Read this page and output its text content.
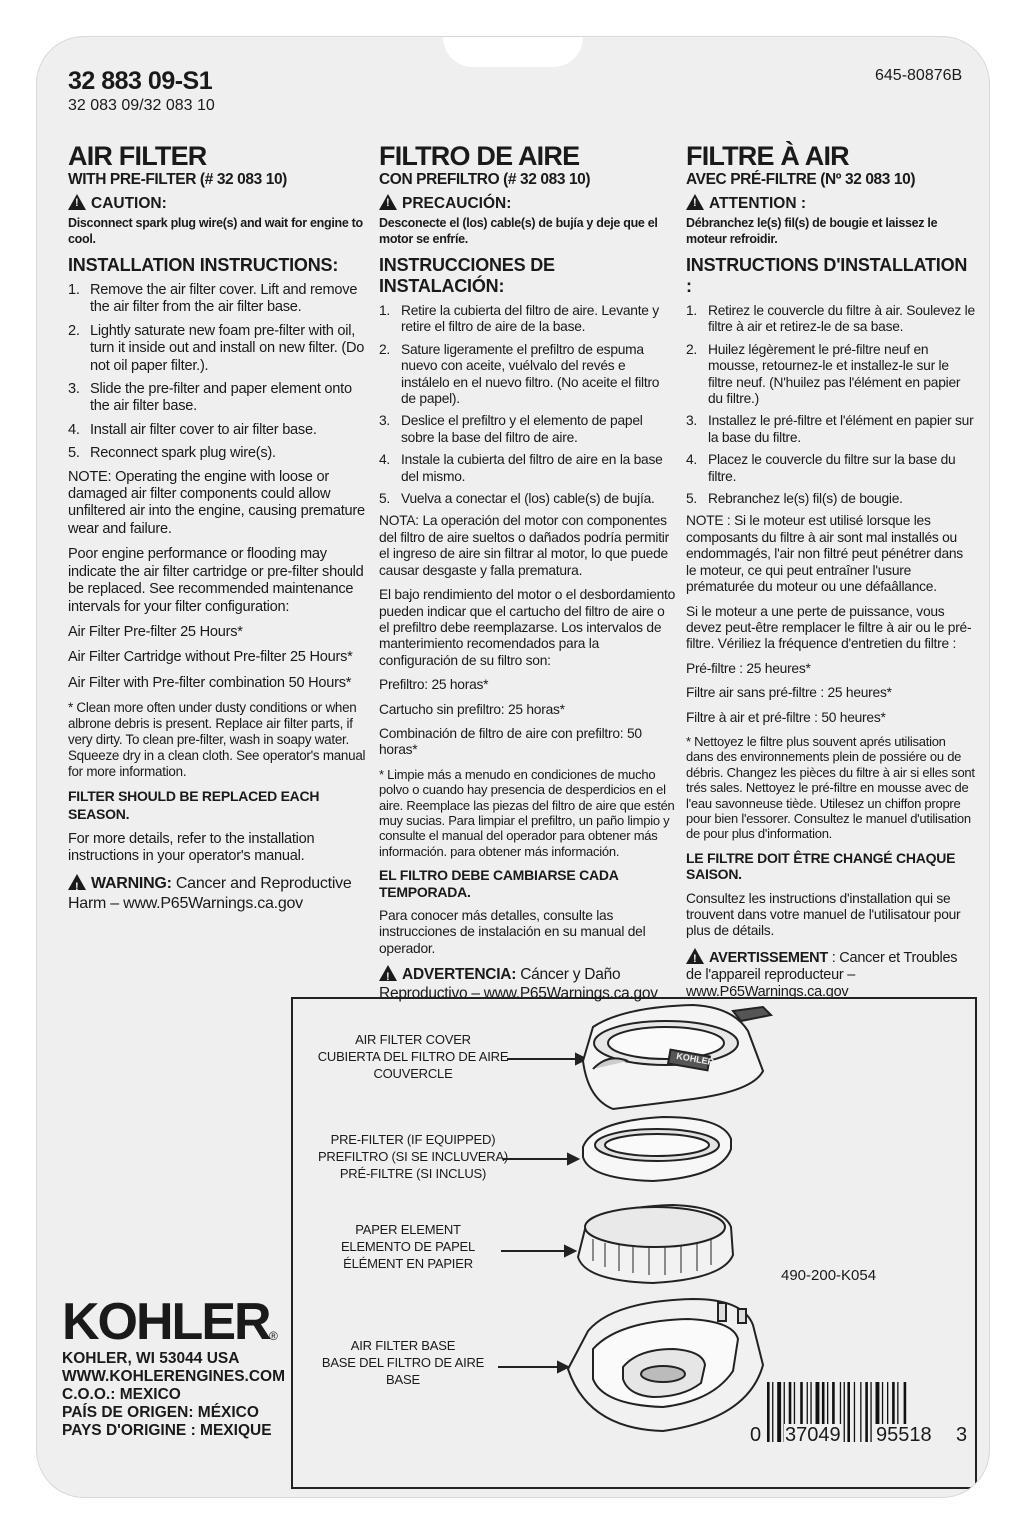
32 883 09-S1
32 083 09/32 083 10
645-80876B
AIR FILTER
WITH PRE-FILTER (# 32 083 10)
!CAUTION:
Disconnect spark plug wire(s) and wait for engine to cool.
INSTALLATION INSTRUCTIONS:
1. Remove the air filter cover. Lift and remove the air filter from the air filter base.
2. Lightly saturate new foam pre-filter with oil, turn it inside out and install on new filter. (Do not oil paper filter.).
3. Slide the pre-filter and paper element onto the air filter base.
4. Install air filter cover to air filter base.
5. Reconnect spark plug wire(s).

NOTE: Operating the engine with loose or damaged air filter components could allow unfiltered air into the engine, causing premature wear and failure.

Poor engine performance or flooding may indicate the air filter cartridge or pre-filter should be replaced. See recommended maintenance intervals for your filter configuration:

Air Filter Pre-filter 25 Hours*

Air Filter Cartridge without Pre-filter 25 Hours*

Air Filter with Pre-filter combination 50 Hours*

* Clean more often under dusty conditions or when albrone debris is present. Replace air filter parts, if very dirty. To clean pre-filter, wash in soapy water. Squeeze dry in a clean cloth. See operator's manual for more information.

FILTER SHOULD BE REPLACED EACH SEASON.

For more details, refer to the installation instructions in your operator's manual.

!WARNING: Cancer and Reproductive Harm – www.P65Warnings.ca.gov

FILTRO DE AIRE
CON PREFILTRO (# 32 083 10)
!PRECAUCIÓN:
Desconecte el (los) cable(s) de bujía y deje que el motor se enfríe.
INSTRUCCIONES DE INSTALACIÓN:
1. Retire la cubierta del filtro de aire. Levante y retire el filtro de aire de la base.
2. Sature ligeramente el prefiltro de espuma nuevo con aceite, vuélvalo del revés e instálelo en el nuevo filtro. (No aceite el filtro de papel).
3. Deslice el prefiltro y el elemento de papel sobre la base del filtro de aire.
4. Instale la cubierta del filtro de aire en la base del mismo.
5. Vuelva a conectar el (los) cable(s) de bujía.

NOTA: La operación del motor con componentes del filtro de aire sueltos o dañados podría permitir el ingreso de aire sin filtrar al motor, lo que puede causar desgaste y falla prematura.

El bajo rendimiento del motor o el desbordamiento pueden indicar que el cartucho del filtro de aire o el prefiltro debe reemplazarse. Los intervalos de manterimiento recomendados para la configuración de su filtro son:

Prefiltro: 25 horas*

Cartucho sin prefiltro: 25 horas*

Combinación de filtro de aire con prefiltro: 50 horas*

* Limpie más a menudo en condiciones de mucho polvo o cuando hay presencia de desperdicios en el aire. Reemplace las piezas del filtro de aire que estén muy sucias. Para limpiar el prefiltro, un paño limpio y consulte el manual del operador para obtener más información. para obtener más información.

EL FILTRO DEBE CAMBIARSE CADA TEMPORADA.

Para conocer más detalles, consulte las instrucciones de instalación en su manual del operador.

!ADVERTENCIA: Cáncer y Daño Reproductivo – www.P65Warnings.ca.gov

FILTRE À AIR
AVEC PRÉ-FILTRE (Nº 32 083 10)
!ATTENTION :
Débranchez le(s) fil(s) de bougie et laissez le moteur refroidir.
INSTRUCTIONS D'INSTALLATION :
1. Retirez le couvercle du filtre à air. Soulevez le filtre à air et retirez-le de sa base.
2. Huilez légèrement le pré-filtre neuf en mousse, retournez-le et installez-le sur le filtre neuf. (N'huilez pas l'élément en papier du filtre.)
3. Installez le pré-filtre et l'élément en papier sur la base du filtre.
4. Placez le couvercle du filtre sur la base du filtre.
5. Rebranchez le(s) fil(s) de bougie.

NOTE : Si le moteur est utilisé lorsque les composants du filtre à air sont mal installés ou endommagés, l'air non filtré peut pénétrer dans le moteur, ce qui peut entraîner l'usure prématurée du moteur ou une défaâllance.

Si le moteur a une perte de puissance, vous devez peut-être remplacer le filtre à air ou le pré-filtre. Vériliez la fréquence d'entretien du filtre :

Pré-filtre : 25 heures*

Filtre air sans pré-filtre : 25 heures*

Filtre à air et pré-filtre : 50 heures*

* Nettoyez le filtre plus souvent aprés utilisation dans des environnements plein de possiére ou de débris. Changez les pièces du filtre à air si elles sont trés sales. Nettoyez le pré-filtre en mousse avec de l'eau savonneuse tiède. Utilesez un chiffon propre pour bien l'essorer. Consultez le manuel d'utilisation de pour plus d'information.

LE FILTRE DOIT ÊTRE CHANGÉ CHAQUE SAISON.

Consultez les instructions d'installation qui se trouvent dans votre manuel de l'utilisatour pour plus de détails.

!AVERTISSEMENT : Cancer et Troubles de l'appareil reproducteur – www.P65Warnings.ca.gov

AIR FILTER COVER
CUBIERTA DEL FILTRO DE AIRE
COUVERCLE
PRE-FILTER (IF EQUIPPED)
PREFILTRO (SI SE INCLUVERA)
PRÉ-FILTRE (SI INCLUS)
PAPER ELEMENT
ELEMENTO DE PAPEL
ÉLÉMENT EN PAPIER
AIR FILTER BASE
BASE DEL FILTRO DE AIRE
BASE
KOHLER
490-200-K054
KOHLER ®
KOHLER, WI 53044 USA
WWW.KOHLERENGINES.COM
C.O.O.: MEXICO
PAÍS DE ORIGEN: MÉXICO
PAYS D'ORIGINE : MEXIQUE	0 37049 95518 3
